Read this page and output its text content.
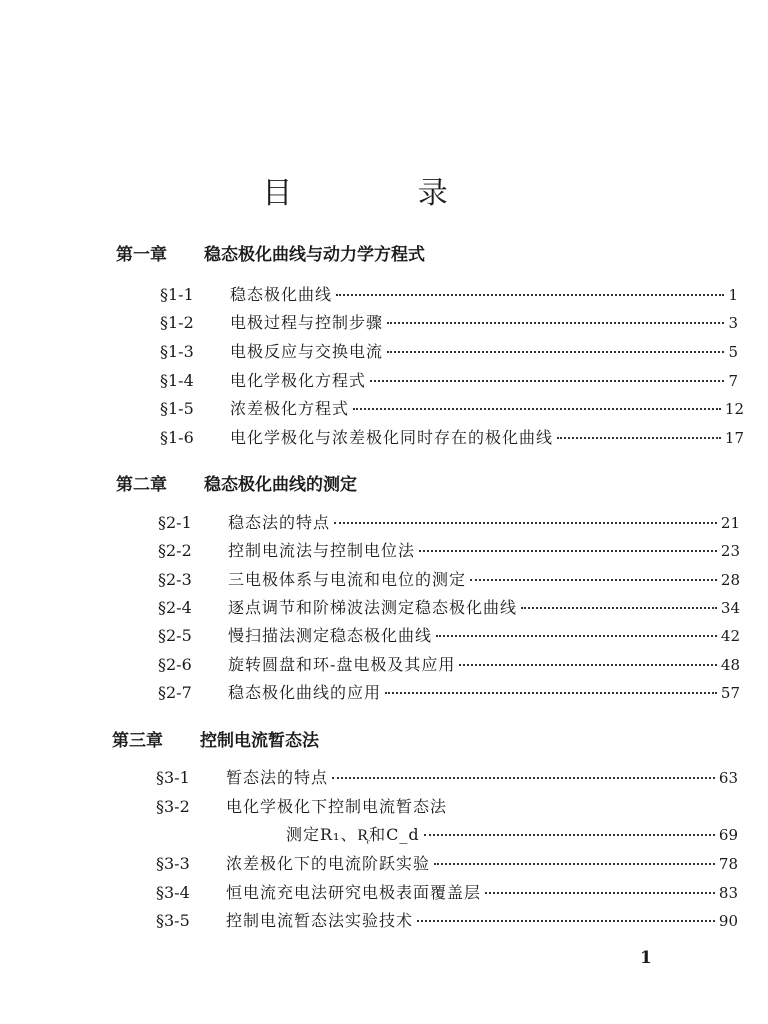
目 录
第一章 稳态极化曲线与动力学方程式
§1-1	稳态极化曲线	1
§1-2	电极过程与控制步骤	3
§1-3	电极反应与交换电流	5
§1-4	电化学极化方程式	7
§1-5	浓差极化方程式	12
§1-6	电化学极化与浓差极化同时存在的极化曲线	17
第二章 稳态极化曲线的测定
§2-1	稳态法的特点	21
§2-2	控制电流法与控制电位法	23
§2-3	三电极体系与电流和电位的测定	28
§2-4	逐点调节和阶梯波法测定稳态极化曲线	34
§2-5	慢扫描法测定稳态极化曲线	42
§2-6	旋转圆盘和环-盘电极及其应用	48
§2-7	稳态极化曲线的应用	57
第三章 控制电流暂态法
§3-1	暂态法的特点	63
§3-2	电化学极化下控制电流暂态法
测定R₁、R᷊和C_d	69
§3-3	浓差极化下的电流阶跃实验	78
§3-4	恒电流充电法研究电极表面覆盖层	83
§3-5	控制电流暂态法实验技术	90
1
